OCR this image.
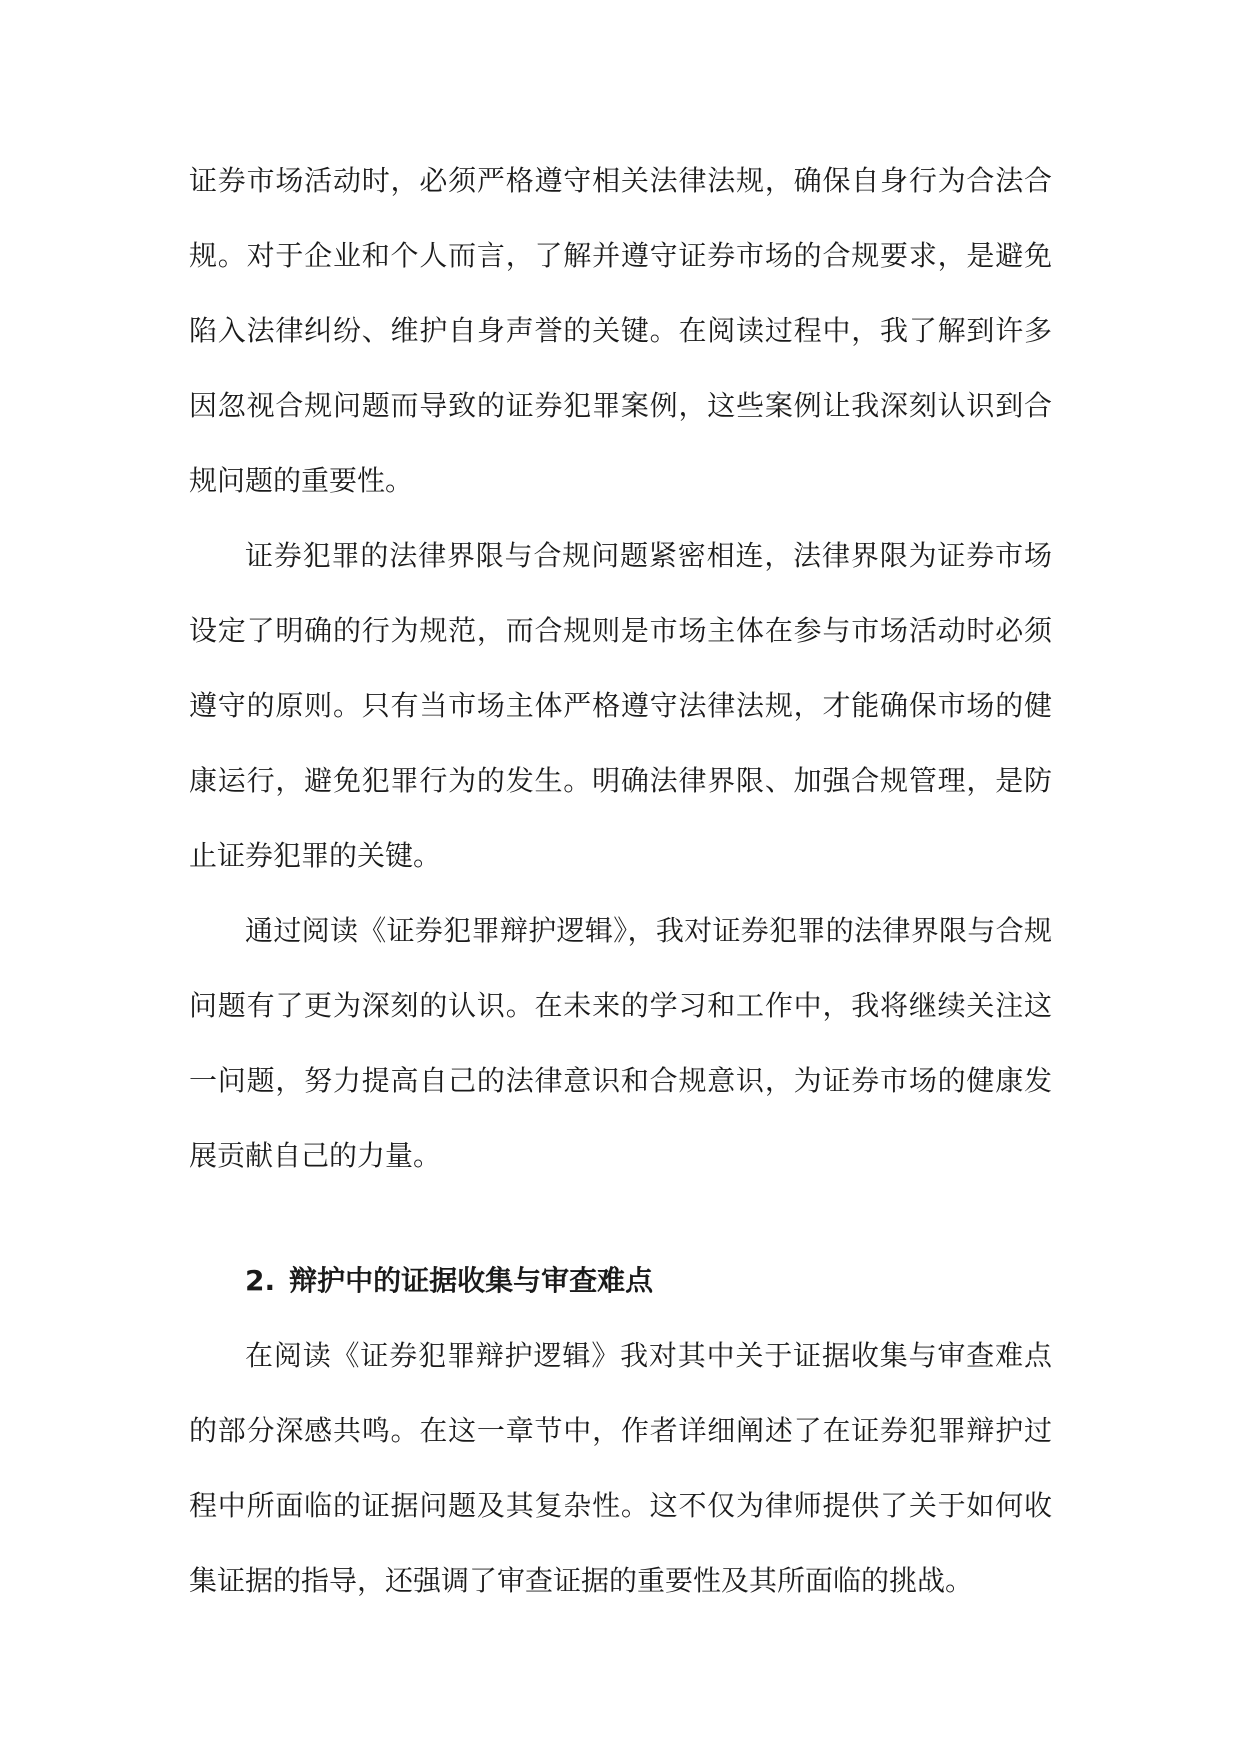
证券市场活动时，必须严格遵守相关法律法规，确保自身行为合法合规。对于企业和个人而言，了解并遵守证券市场的合规要求，是避免陷入法律纠纷、维护自身声誉的关键。在阅读过程中，我了解到许多因忽视合规问题而导致的证券犯罪案例，这些案例让我深刻认识到合规问题的重要性。

证券犯罪的法律界限与合规问题紧密相连，法律界限为证券市场设定了明确的行为规范，而合规则是市场主体在参与市场活动时必须遵守的原则。只有当市场主体严格遵守法律法规，才能确保市场的健康运行，避免犯罪行为的发生。明确法律界限、加强合规管理，是防止证券犯罪的关键。

通过阅读《证券犯罪辩护逻辑》，我对证券犯罪的法律界限与合规问题有了更为深刻的认识。在未来的学习和工作中，我将继续关注这一问题，努力提高自己的法律意识和合规意识，为证券市场的健康发展贡献自己的力量。

2. 辩护中的证据收集与审查难点

在阅读《证券犯罪辩护逻辑》我对其中关于证据收集与审查难点的部分深感共鸣。在这一章节中，作者详细阐述了在证券犯罪辩护过程中所面临的证据问题及其复杂性。这不仅为律师提供了关于如何收集证据的指导，还强调了审查证据的重要性及其所面临的挑战。
